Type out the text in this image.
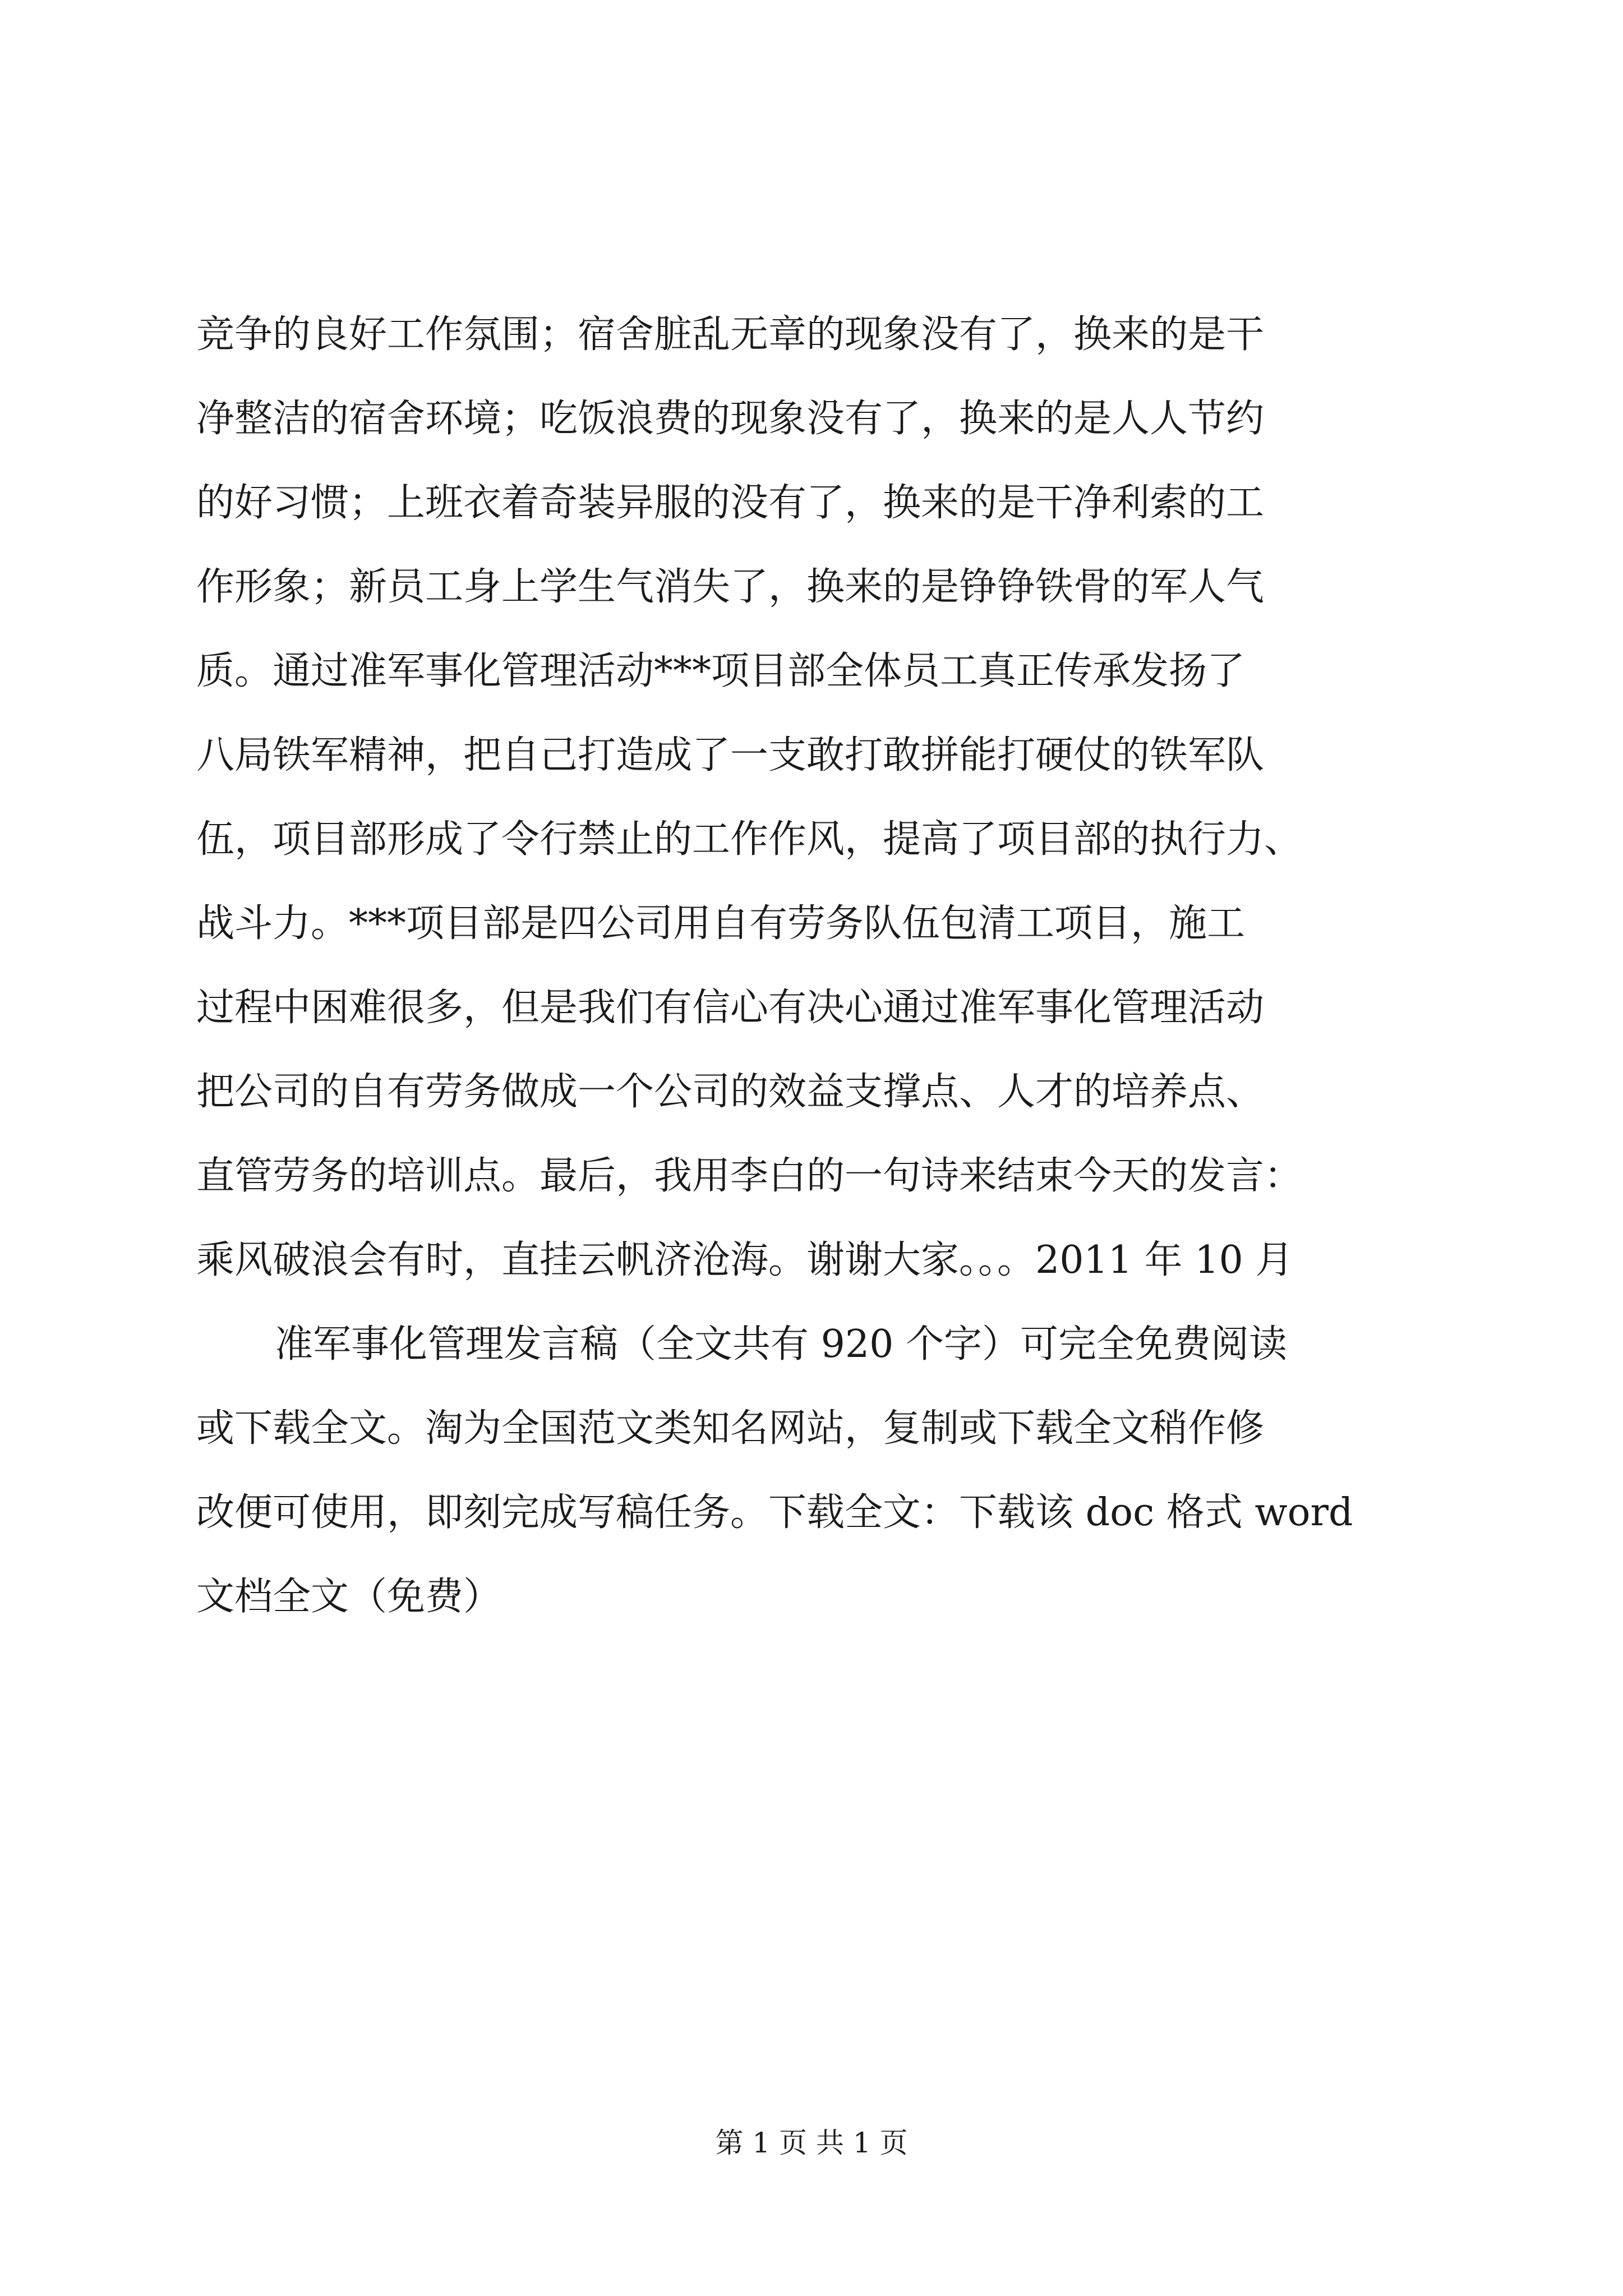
竞争的良好工作氛围；宿舍脏乱无章的现象没有了，换来的是干
净整洁的宿舍环境；吃饭浪费的现象没有了，换来的是人人节约
的好习惯；上班衣着奇装异服的没有了，换来的是干净利索的工
作形象；新员工身上学生气消失了，换来的是铮铮铁骨的军人气
质。通过准军事化管理活动***项目部全体员工真正传承发扬了
八局铁军精神，把自己打造成了一支敢打敢拼能打硬仗的铁军队
伍，项目部形成了令行禁止的工作作风，提高了项目部的执行力、
战斗力。***项目部是四公司用自有劳务队伍包清工项目，施工
过程中困难很多，但是我们有信心有决心通过准军事化管理活动
把公司的自有劳务做成一个公司的效益支撑点、人才的培养点、
直管劳务的培训点。最后，我用李白的一句诗来结束今天的发言：
乘风破浪会有时，直挂云帆济沧海。谢谢大家。。。2011 年 10 月
准军事化管理发言稿（全文共有 920 个字）可完全免费阅读
或下载全文。淘为全国范文类知名网站，复制或下载全文稍作修
改便可使用，即刻完成写稿任务。下载全文：下载该 doc 格式 word
文档全文（免费）
第 1 页 共 1 页
